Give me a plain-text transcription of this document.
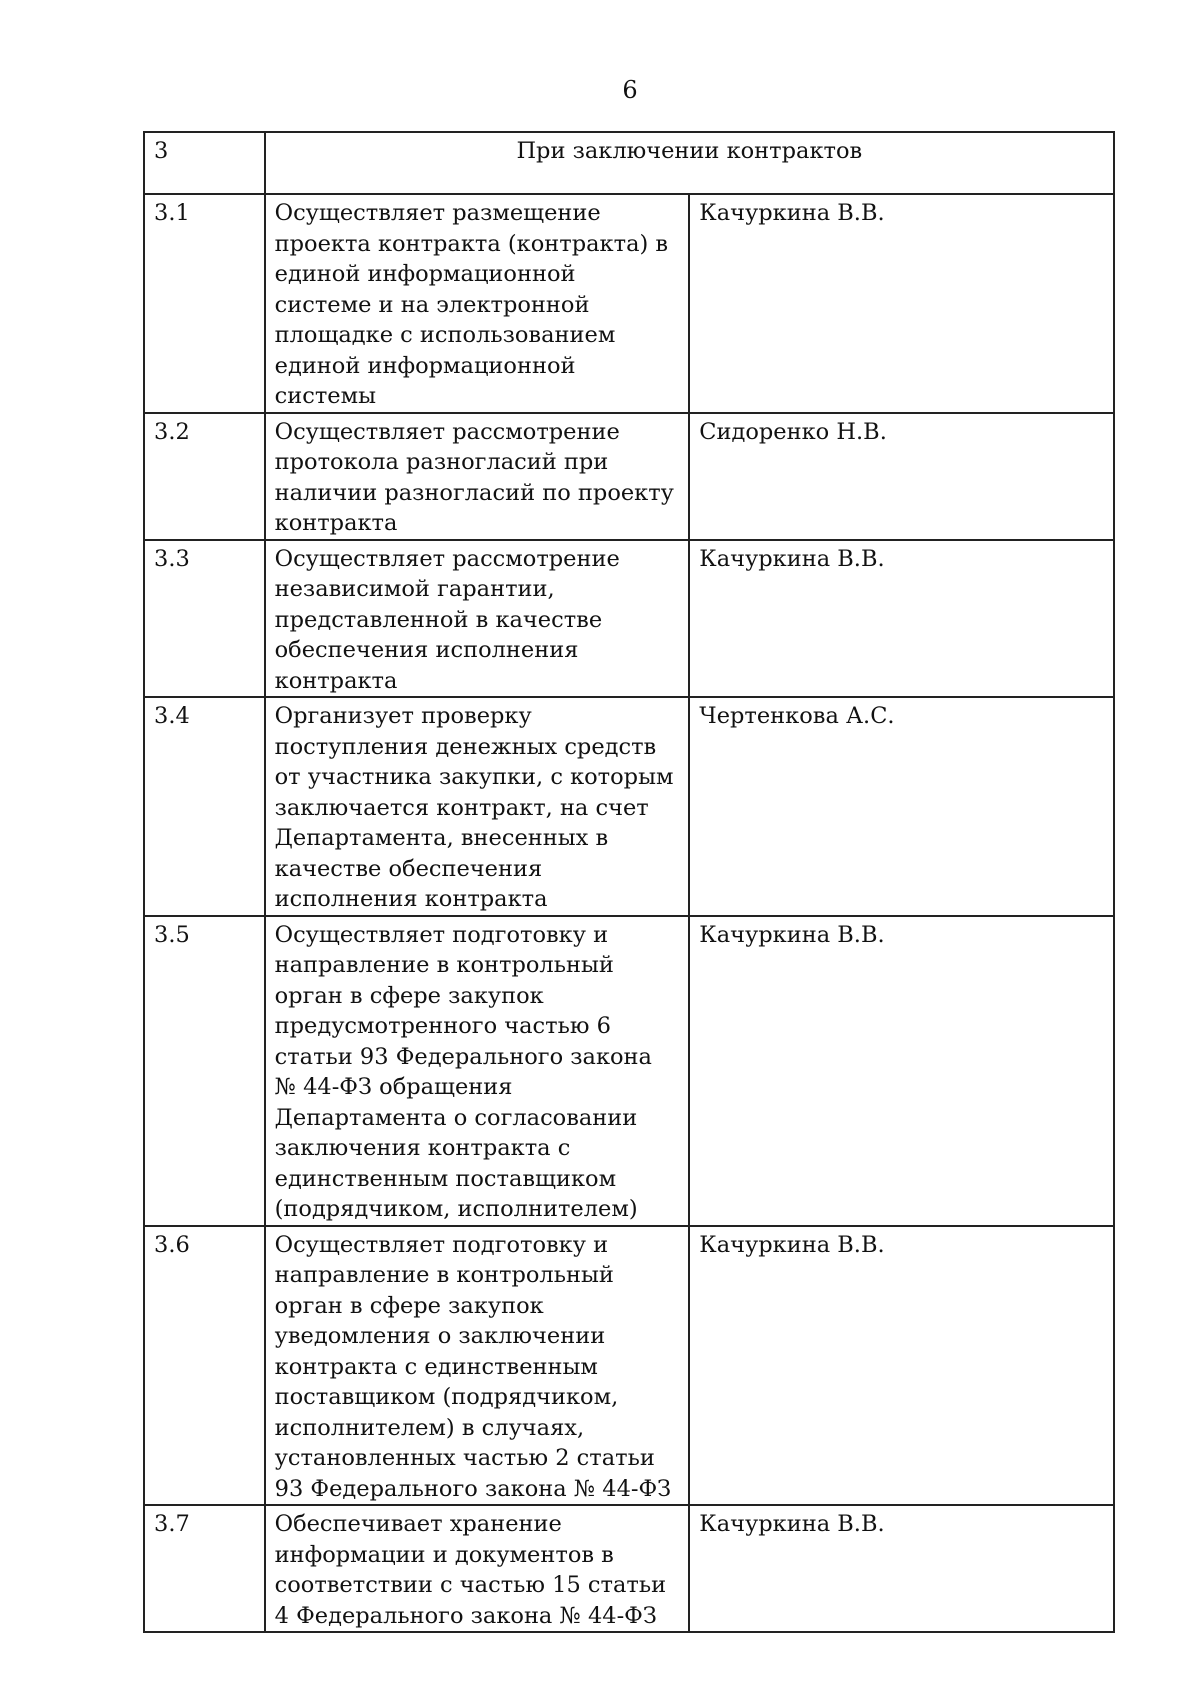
6
3	При заключении контрактов	
3.1	Осуществляет размещение проекта контракта (контракта) в единой информационной системе и на электронной площадке с использованием единой информационной системы	Качуркина В.В.
3.2	Осуществляет рассмотрение протокола разногласий при наличии разногласий по проекту контракта	Сидоренко Н.В.
3.3	Осуществляет рассмотрение независимой гарантии, представленной в качестве обеспечения исполнения контракта	Качуркина В.В.
3.4	Организует проверку поступления денежных средств от участника закупки, с которым заключается контракт, на счет Департамента, внесенных в качестве обеспечения исполнения контракта	Чертенкова А.С.
3.5	Осуществляет подготовку и направление в контрольный орган в сфере закупок предусмотренного частью 6 статьи 93 Федерального закона № 44-ФЗ обращения Департамента о согласовании заключения контракта с единственным поставщиком (подрядчиком, исполнителем)	Качуркина В.В.
3.6	Осуществляет подготовку и направление в контрольный орган в сфере закупок уведомления о заключении контракта с единственным поставщиком (подрядчиком, исполнителем) в случаях, установленных частью 2 статьи 93 Федерального закона № 44-ФЗ	Качуркина В.В.
3.7	Обеспечивает хранение информации и документов в соответствии с частью 15 статьи 4 Федерального закона № 44-ФЗ	Качуркина В.В.
